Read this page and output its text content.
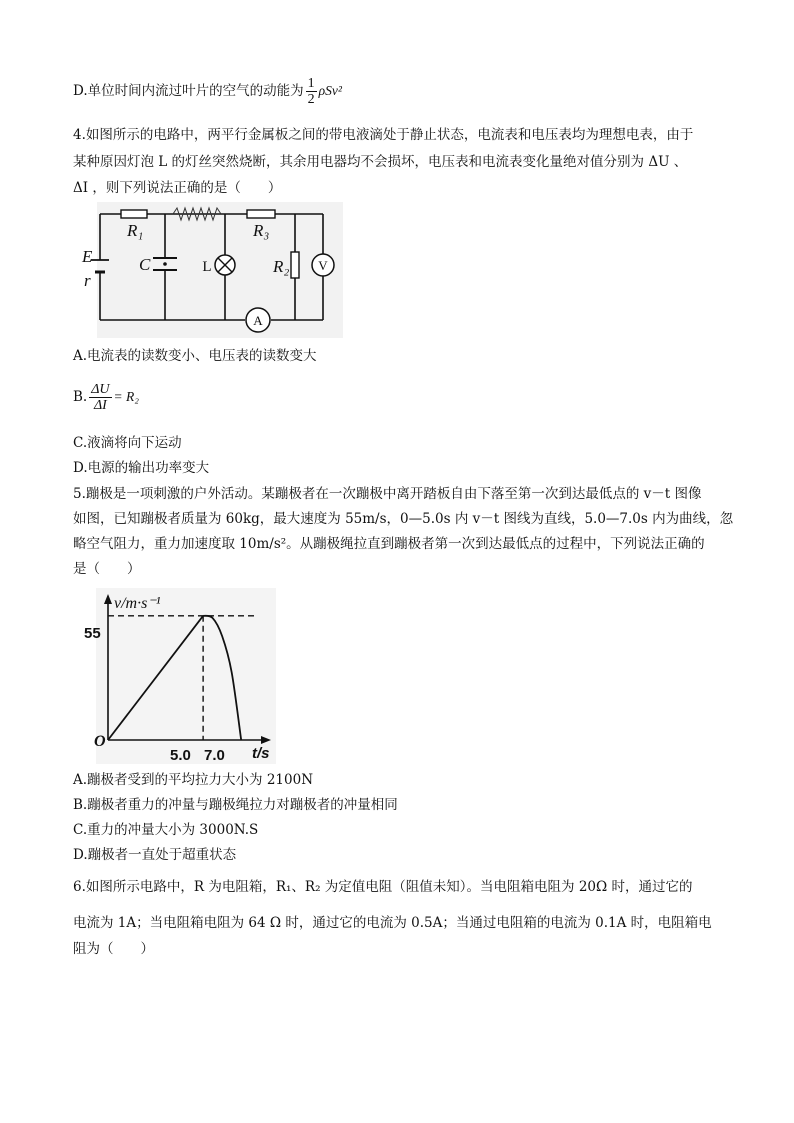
D.单位时间内流过叶片的空气的动能为 $\frac{1}{2} \rho Sv^2$
4.如图所示的电路中，两平行金属板之间的带电液滴处于静止状态，电流表和电压表均为理想电表，由于
某种原因灯泡 L 的灯丝突然烧断，其余用电器均不会损坏，电压表和电流表变化量绝对值分别为 ΔU 、
ΔI ，则下列说法正确的是（　　）
E
r
R₁
C
R₃
R₂
L	V
A
A.电流表的读数变小、电压表的读数变大
B. $\frac{\Delta U}{\Delta I} = R_2$
C.液滴将向下运动
D.电源的输出功率变大
5.蹦极是一项刺激的户外活动。某蹦极者在一次蹦极中离开踏板自由下落至第一次到达最低点的 v－t 图像
如图，已知蹦极者质量为 60kg，最大速度为 55m/s，0—5.0s 内 v－t 图线为直线，5.0—7.0s 内为曲线，忽
略空气阻力，重力加速度取 10m/s²。从蹦极绳拉直到蹦极者第一次到达最低点的过程中，下列说法正确的
是（　　）
v/m·s⁻¹
t/s
O
55
5.0 7.0
A.蹦极者受到的平均拉力大小为 2100N
B.蹦极者重力的冲量与蹦极绳拉力对蹦极者的冲量相同
C.重力的冲量大小为 3000N.S
D.蹦极者一直处于超重状态
6.如图所示电路中，R 为电阻箱，R₁、R₂ 为定值电阻（阻值未知）。当电阻箱电阻为 20Ω 时，通过它的
电流为 1A；当电阻箱电阻为 64 Ω 时，通过它的电流为 0.5A；当通过电阻箱的电流为 0.1A 时，电阻箱电
阻为（　　）
